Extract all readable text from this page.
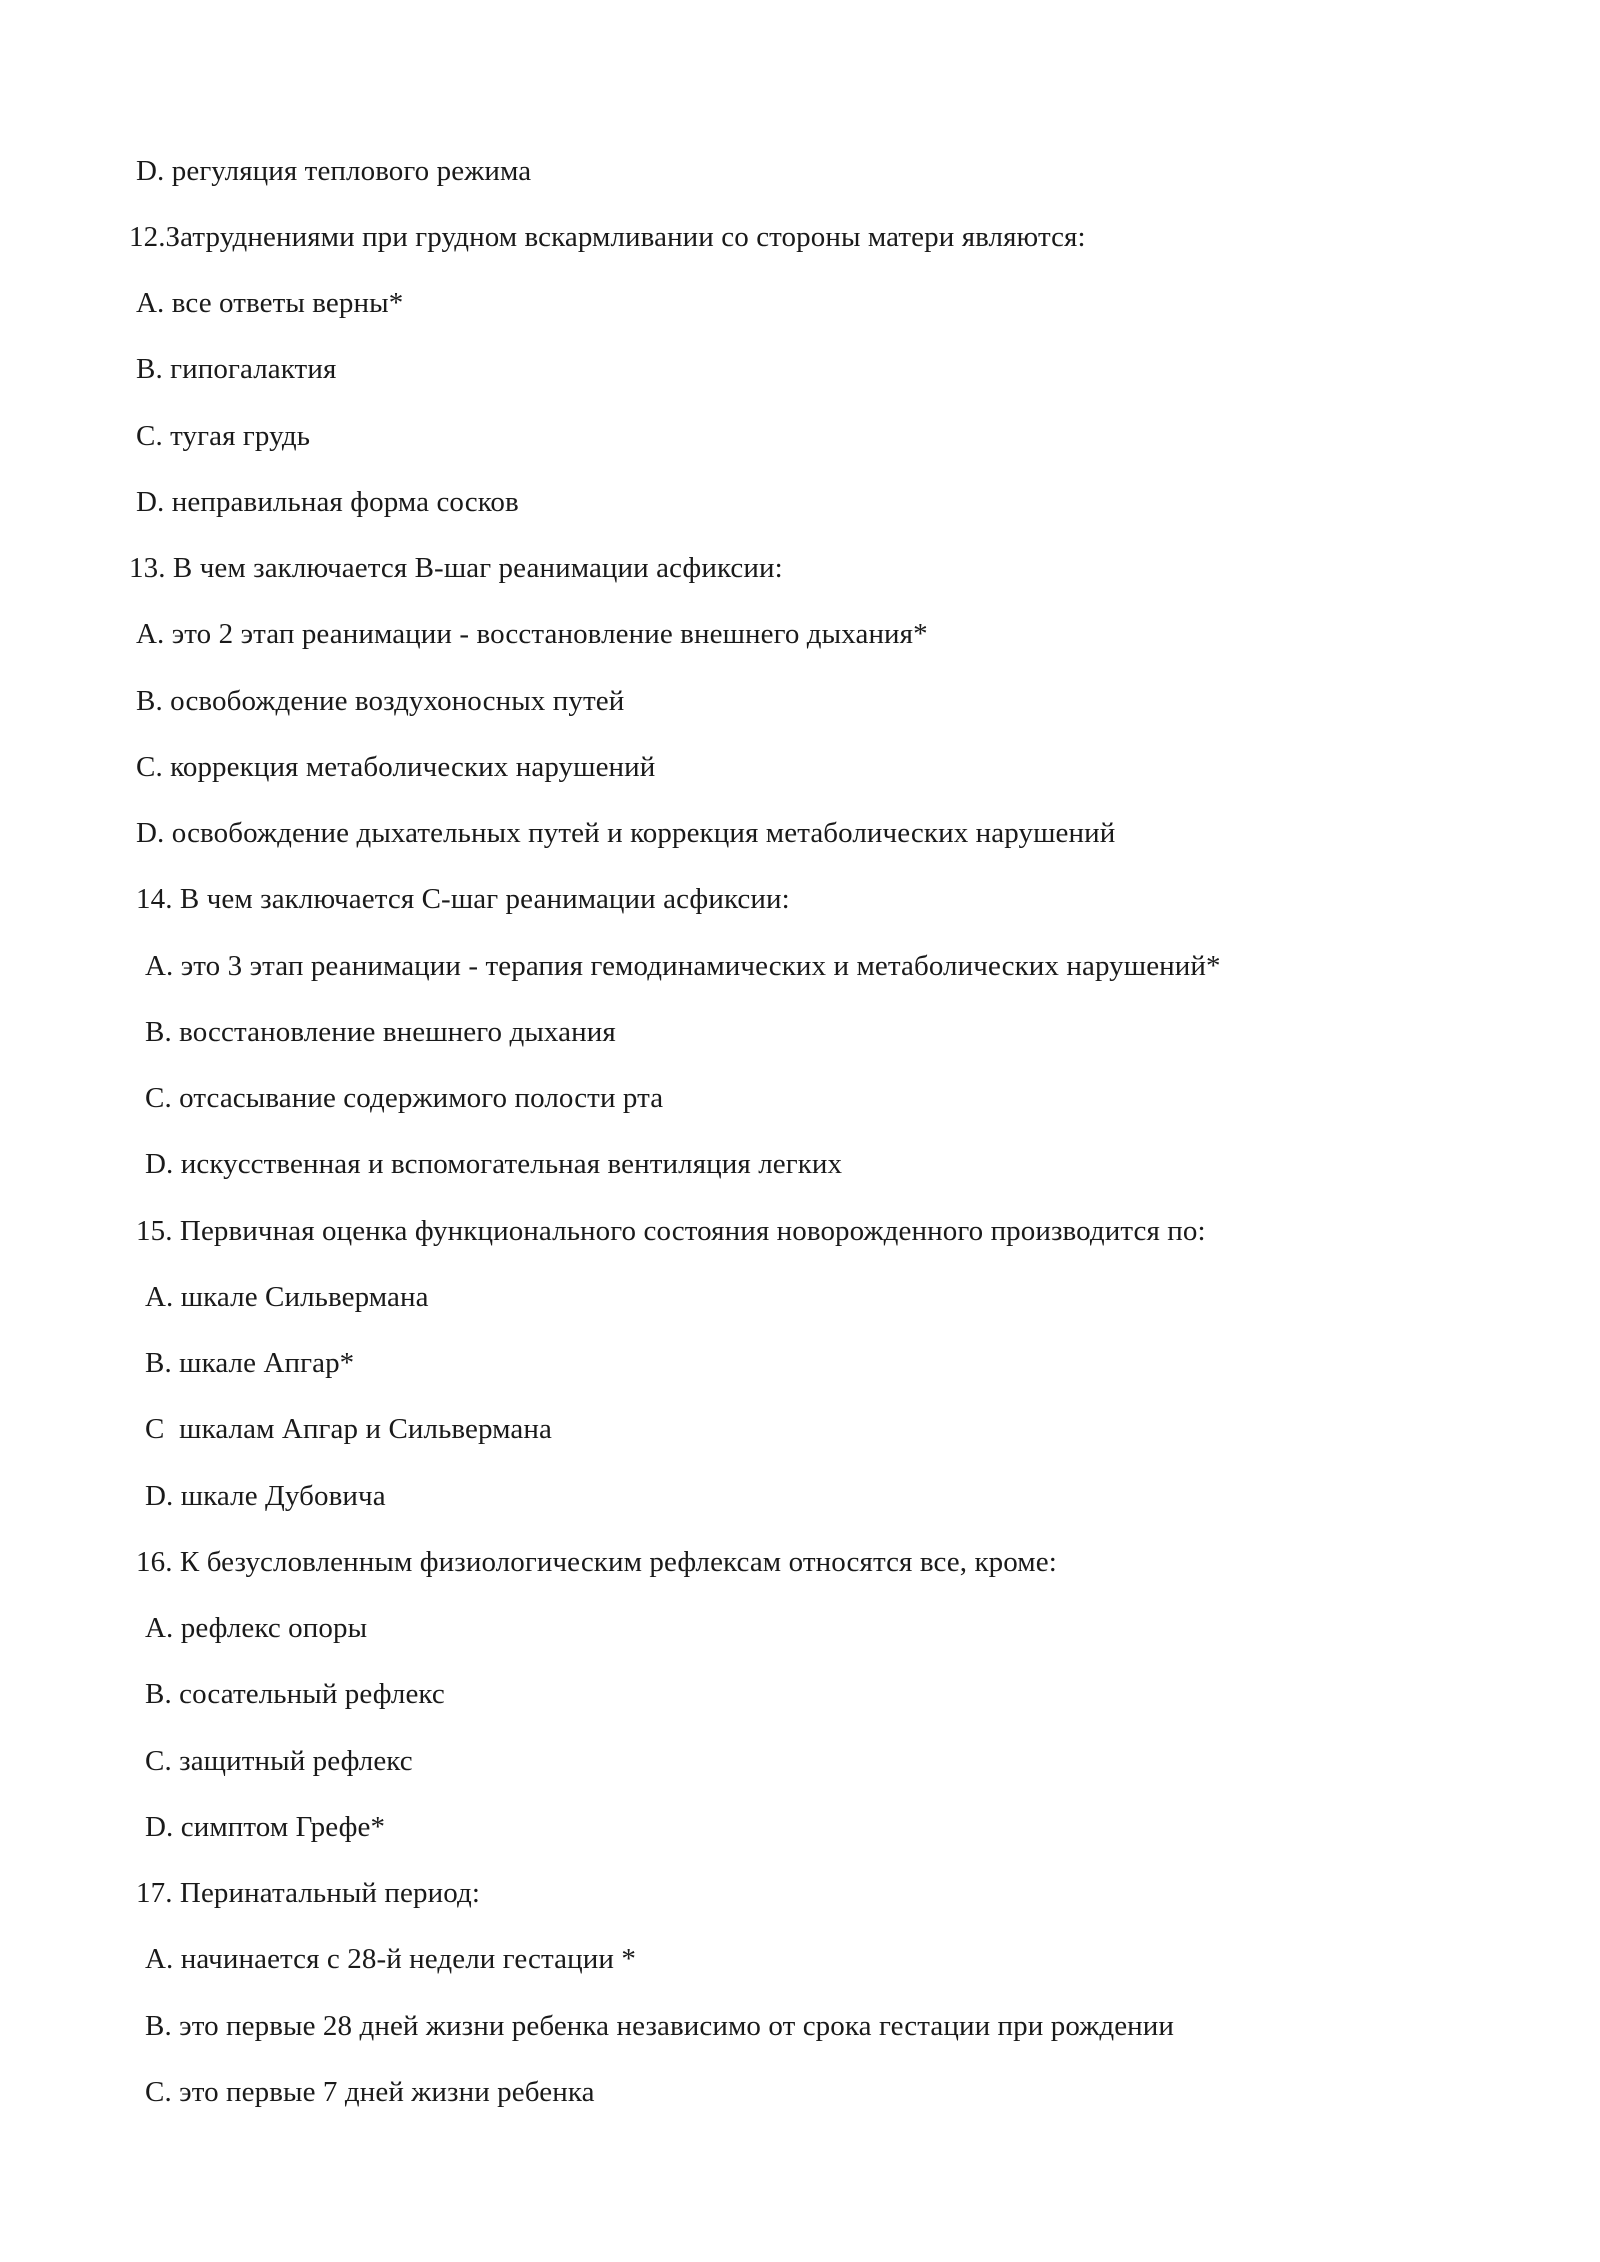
D. регуляция теплового режима
12.Затруднениями при грудном вскармливании со стороны матери являются:
A. все ответы верны*
B. гипогалактия
C. тугая грудь
D. неправильная форма сосков
13. В чем заключается B-шаг реанимации асфиксии:
A. это 2 этап реанимации - восстановление внешнего дыхания*
B. освобождение воздухоносных путей
C. коррекция метаболических нарушений
D. освобождение дыхательных путей и коррекция метаболических нарушений
14. В чем заключается С-шаг реанимации асфиксии:
A. это 3 этап реанимации - терапия гемодинамических и метаболических нарушений*
B. восстановление внешнего дыхания
C. отсасывание содержимого полости рта
D. искусственная и вспомогательная вентиляция легких
15. Первичная оценка функционального состояния новорожденного производится по:
A. шкале Сильвермана
B. шкале Апгар*
C  шкалам Апгар и Сильвермана
D. шкале Дубовича
16. К безусловленным физиологическим рефлексам относятся все, кроме:
A. рефлекс опоры
B. сосательный рефлекс
C. защитный рефлекс
D. симптом Грефе*
17. Перинатальный период:
A. начинается с 28-й недели гестации *
B. это первые 28 дней жизни ребенка независимо от срока гестации при рождении
C. это первые 7 дней жизни ребенка
